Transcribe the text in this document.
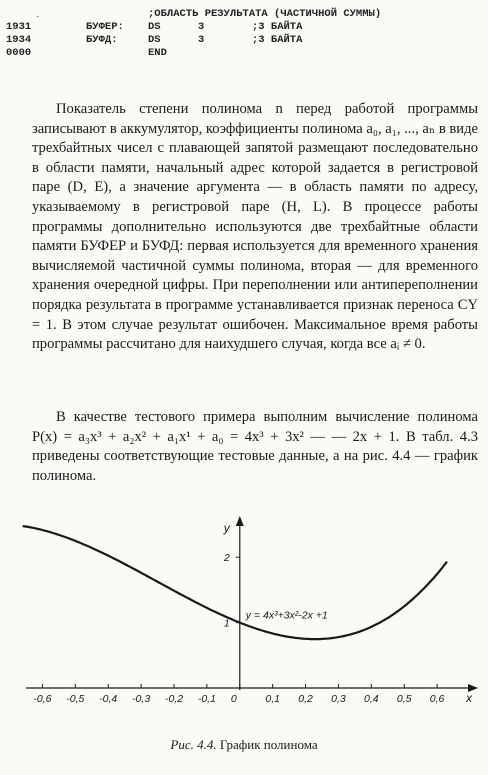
·	;ОБЛАСТЬ РЕЗУЛЬТАТА (ЧАСТИЧНОЙ СУММЫ)
1931	БУФЕР:	DS	3	;3 БАЙТА
1934	БУФД:	DS	3	;3 БАЙТА
0000	END

Показатель степени полинома n перед работой программы записывают в аккумулятор, коэффициенты полинома a₀, a₁, ..., aₙ в виде трехбайтных чисел с плавающей запятой размещают последовательно в области памяти, начальный адрес которой задается в регистровой паре (D, E), а значение аргумента — в область памяти по адресу, указываемому в регистровой паре (H, L). В процессе работы программы дополнительно используются две трехбайтные области памяти БУФЕР и БУФД: первая используется для временного хранения вычисляемой частичной суммы полинома, вторая — для временного хранения очередной цифры. При переполнении или антипереполнении порядка результата в программе устанавливается признак переноса CY = 1. В этом случае результат ошибочен. Максимальное время работы программы рассчитано для наихудшего случая, когда все aᵢ ≠ 0.

В качестве тестового примера выполним вычисление полинома P(x) = a₃x³ + a₂x² + a₁x¹ + a₀ = 4x³ + 3x² — — 2x + 1. В табл. 4.3 приведены соответствующие тестовые данные, а на рис. 4.4 — график полинома.

-0,6 -0,5 -0,4 -0,3 -0,2 -0,1 0	0,1 0,2 0,3 0,4 0,5 0,6
1
2
y = 4x³+3x²-2x +1
y
x
Рис. 4.4. График полинома
